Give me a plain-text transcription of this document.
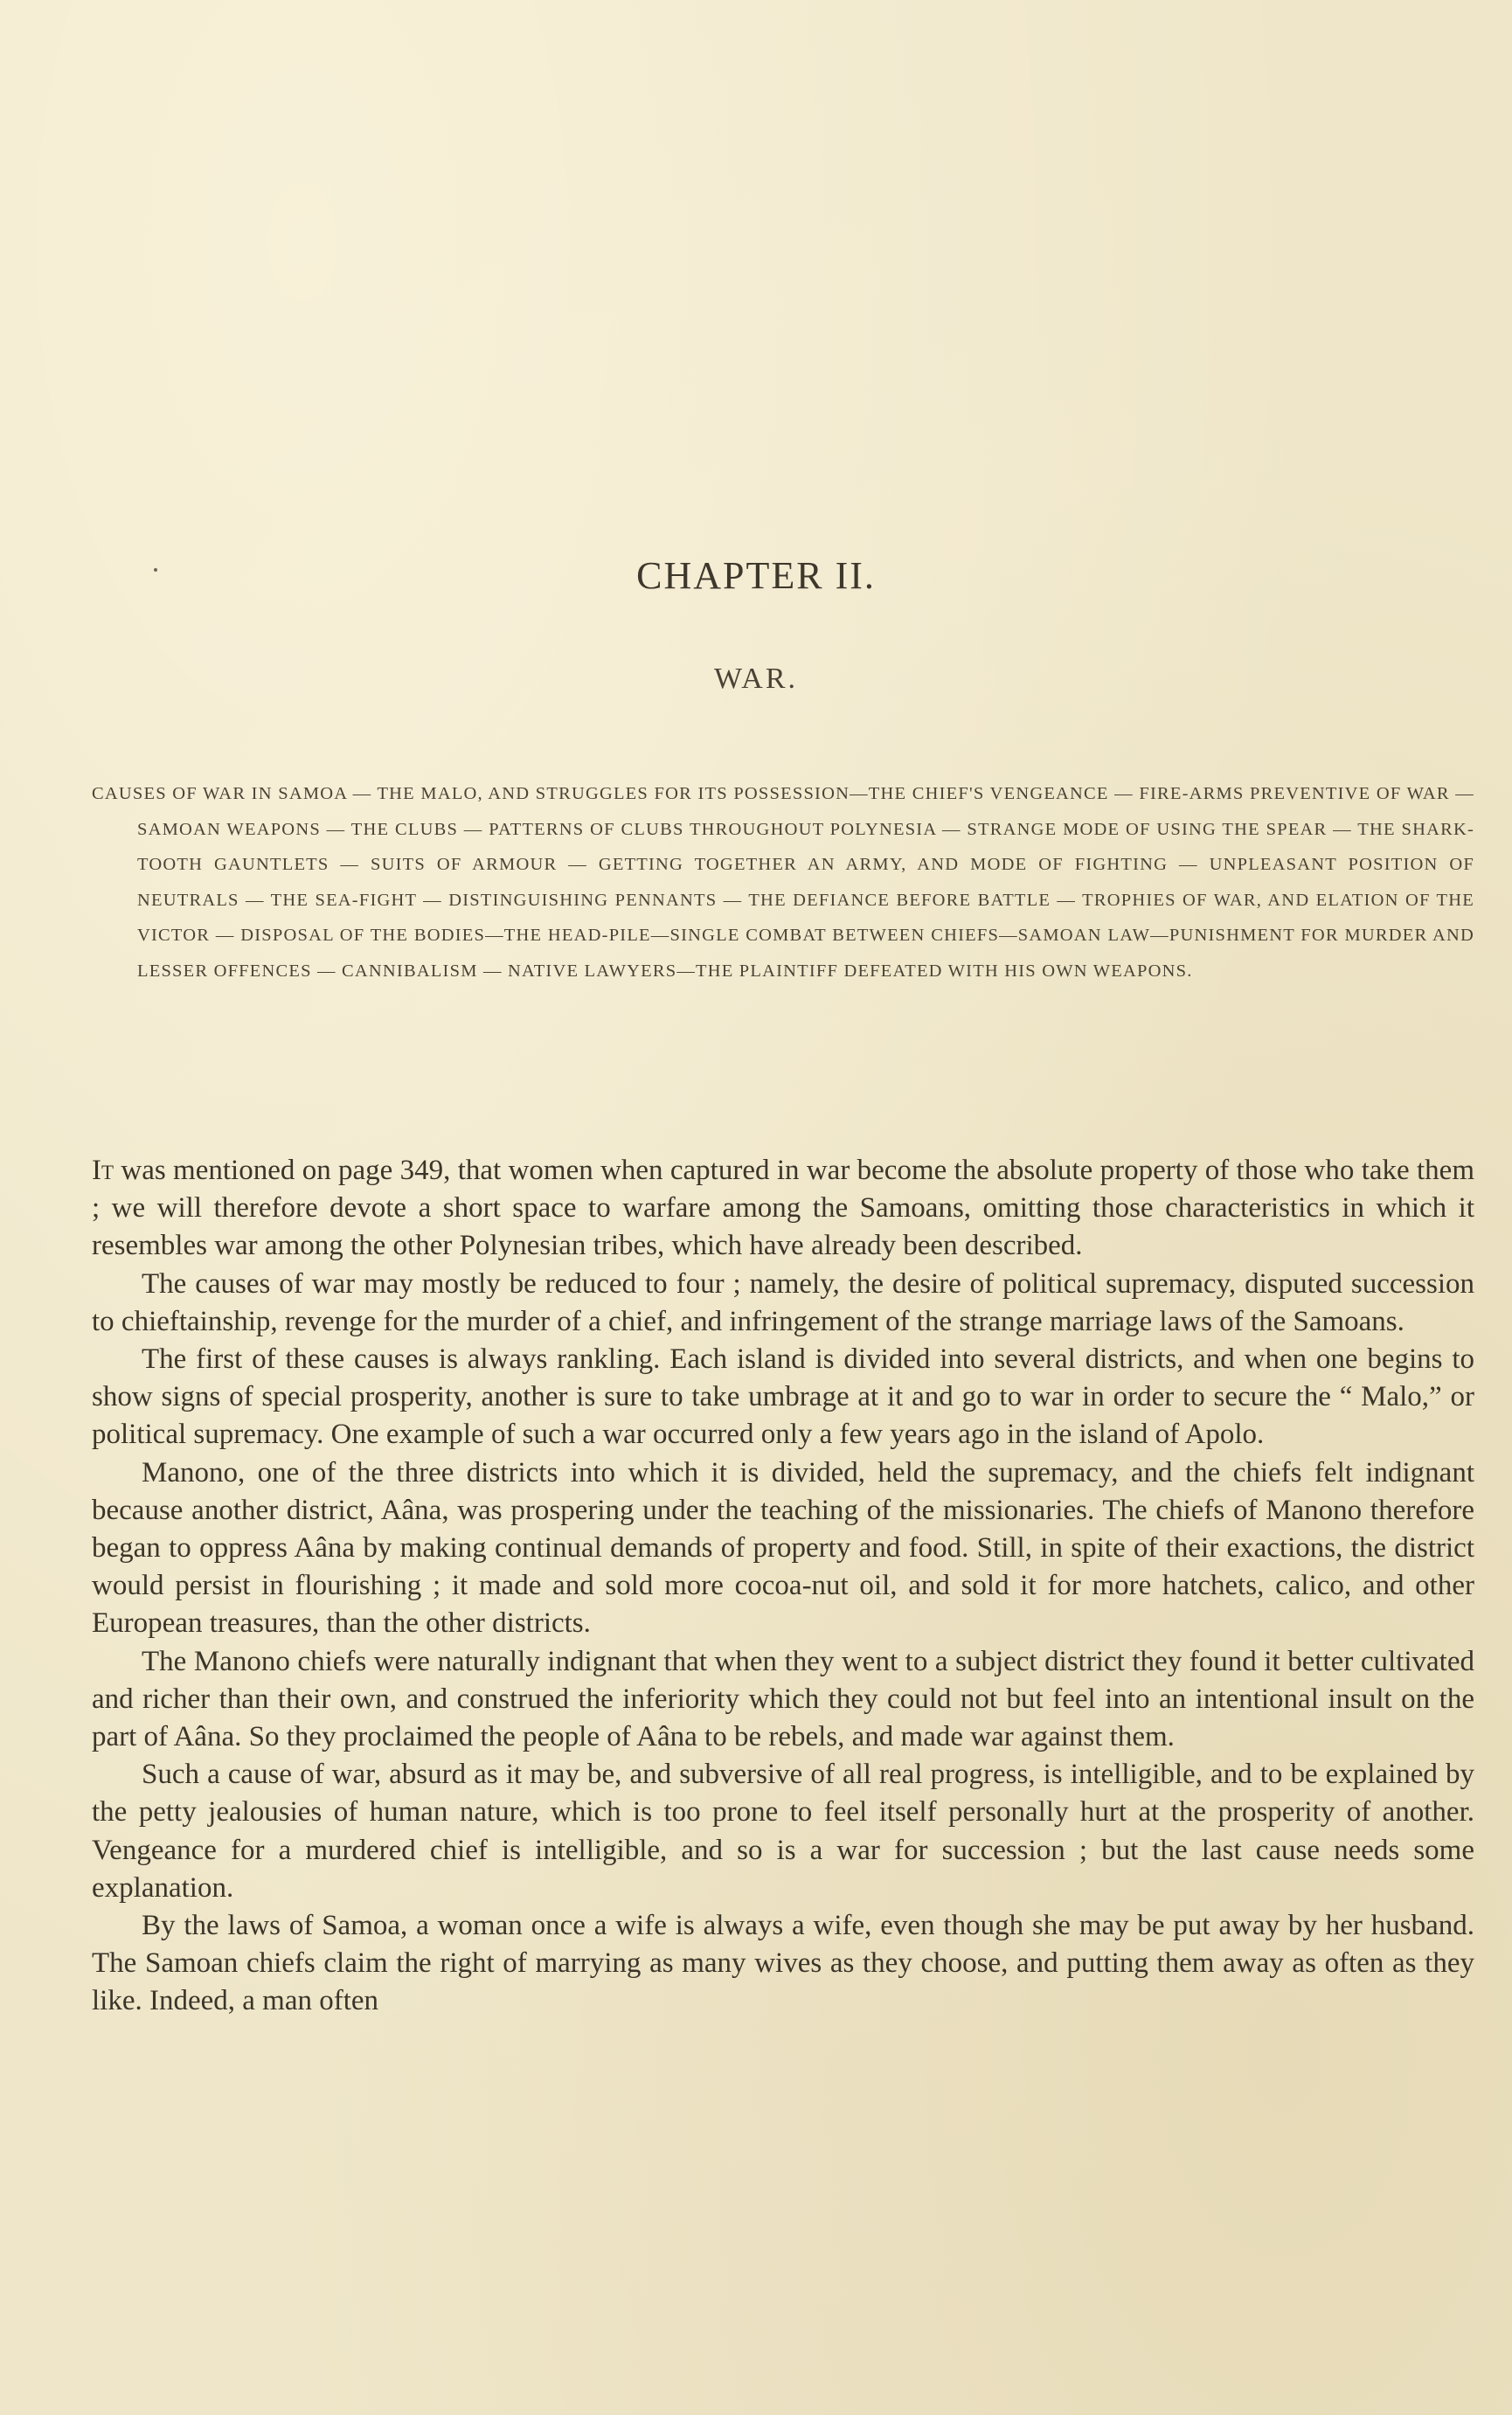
CHAPTER II.
WAR.

CAUSES OF WAR IN SAMOA — THE MALO, AND STRUGGLES FOR ITS POSSESSION—THE CHIEF'S VENGEANCE — FIRE-ARMS PREVENTIVE OF WAR — SAMOAN WEAPONS — THE CLUBS — PATTERNS OF CLUBS THROUGHOUT POLYNESIA — STRANGE MODE OF USING THE SPEAR — THE SHARK-TOOTH GAUNTLETS — SUITS OF ARMOUR — GETTING TOGETHER AN ARMY, AND MODE OF FIGHTING — UNPLEASANT POSITION OF NEUTRALS — THE SEA-FIGHT — DISTINGUISHING PENNANTS — THE DEFIANCE BEFORE BATTLE — TROPHIES OF WAR, AND ELATION OF THE VICTOR — DISPOSAL OF THE BODIES—THE HEAD-PILE—SINGLE COMBAT BETWEEN CHIEFS—SAMOAN LAW—PUNISHMENT FOR MURDER AND LESSER OFFENCES — CANNIBALISM — NATIVE LAWYERS—THE PLAINTIFF DEFEATED WITH HIS OWN WEAPONS.

It was mentioned on page 349, that women when captured in war become the absolute property of those who take them ; we will therefore devote a short space to warfare among the Samoans, omitting those characteristics in which it resembles war among the other Polynesian tribes, which have already been described.

The causes of war may mostly be reduced to four ; namely, the desire of political supremacy, disputed succession to chieftainship, revenge for the murder of a chief, and infringement of the strange marriage laws of the Samoans.

The first of these causes is always rankling. Each island is divided into several districts, and when one begins to show signs of special prosperity, another is sure to take umbrage at it and go to war in order to secure the “ Malo,” or political supremacy. One example of such a war occurred only a few years ago in the island of Apolo.

Manono, one of the three districts into which it is divided, held the supremacy, and the chiefs felt indignant because another district, Aâna, was prospering under the teaching of the missionaries. The chiefs of Manono therefore began to oppress Aâna by making continual demands of property and food. Still, in spite of their exactions, the district would persist in flourishing ; it made and sold more cocoa-nut oil, and sold it for more hatchets, calico, and other European treasures, than the other districts.

The Manono chiefs were naturally indignant that when they went to a subject district they found it better cultivated and richer than their own, and construed the inferiority which they could not but feel into an intentional insult on the part of Aâna. So they proclaimed the people of Aâna to be rebels, and made war against them.

Such a cause of war, absurd as it may be, and subversive of all real progress, is intelligible, and to be explained by the petty jealousies of human nature, which is too prone to feel itself personally hurt at the prosperity of another. Vengeance for a murdered chief is intelligible, and so is a war for succession ; but the last cause needs some explanation.

By the laws of Samoa, a woman once a wife is always a wife, even though she may be put away by her husband. The Samoan chiefs claim the right of marrying as many wives as they choose, and putting them away as often as they like. Indeed, a man often
